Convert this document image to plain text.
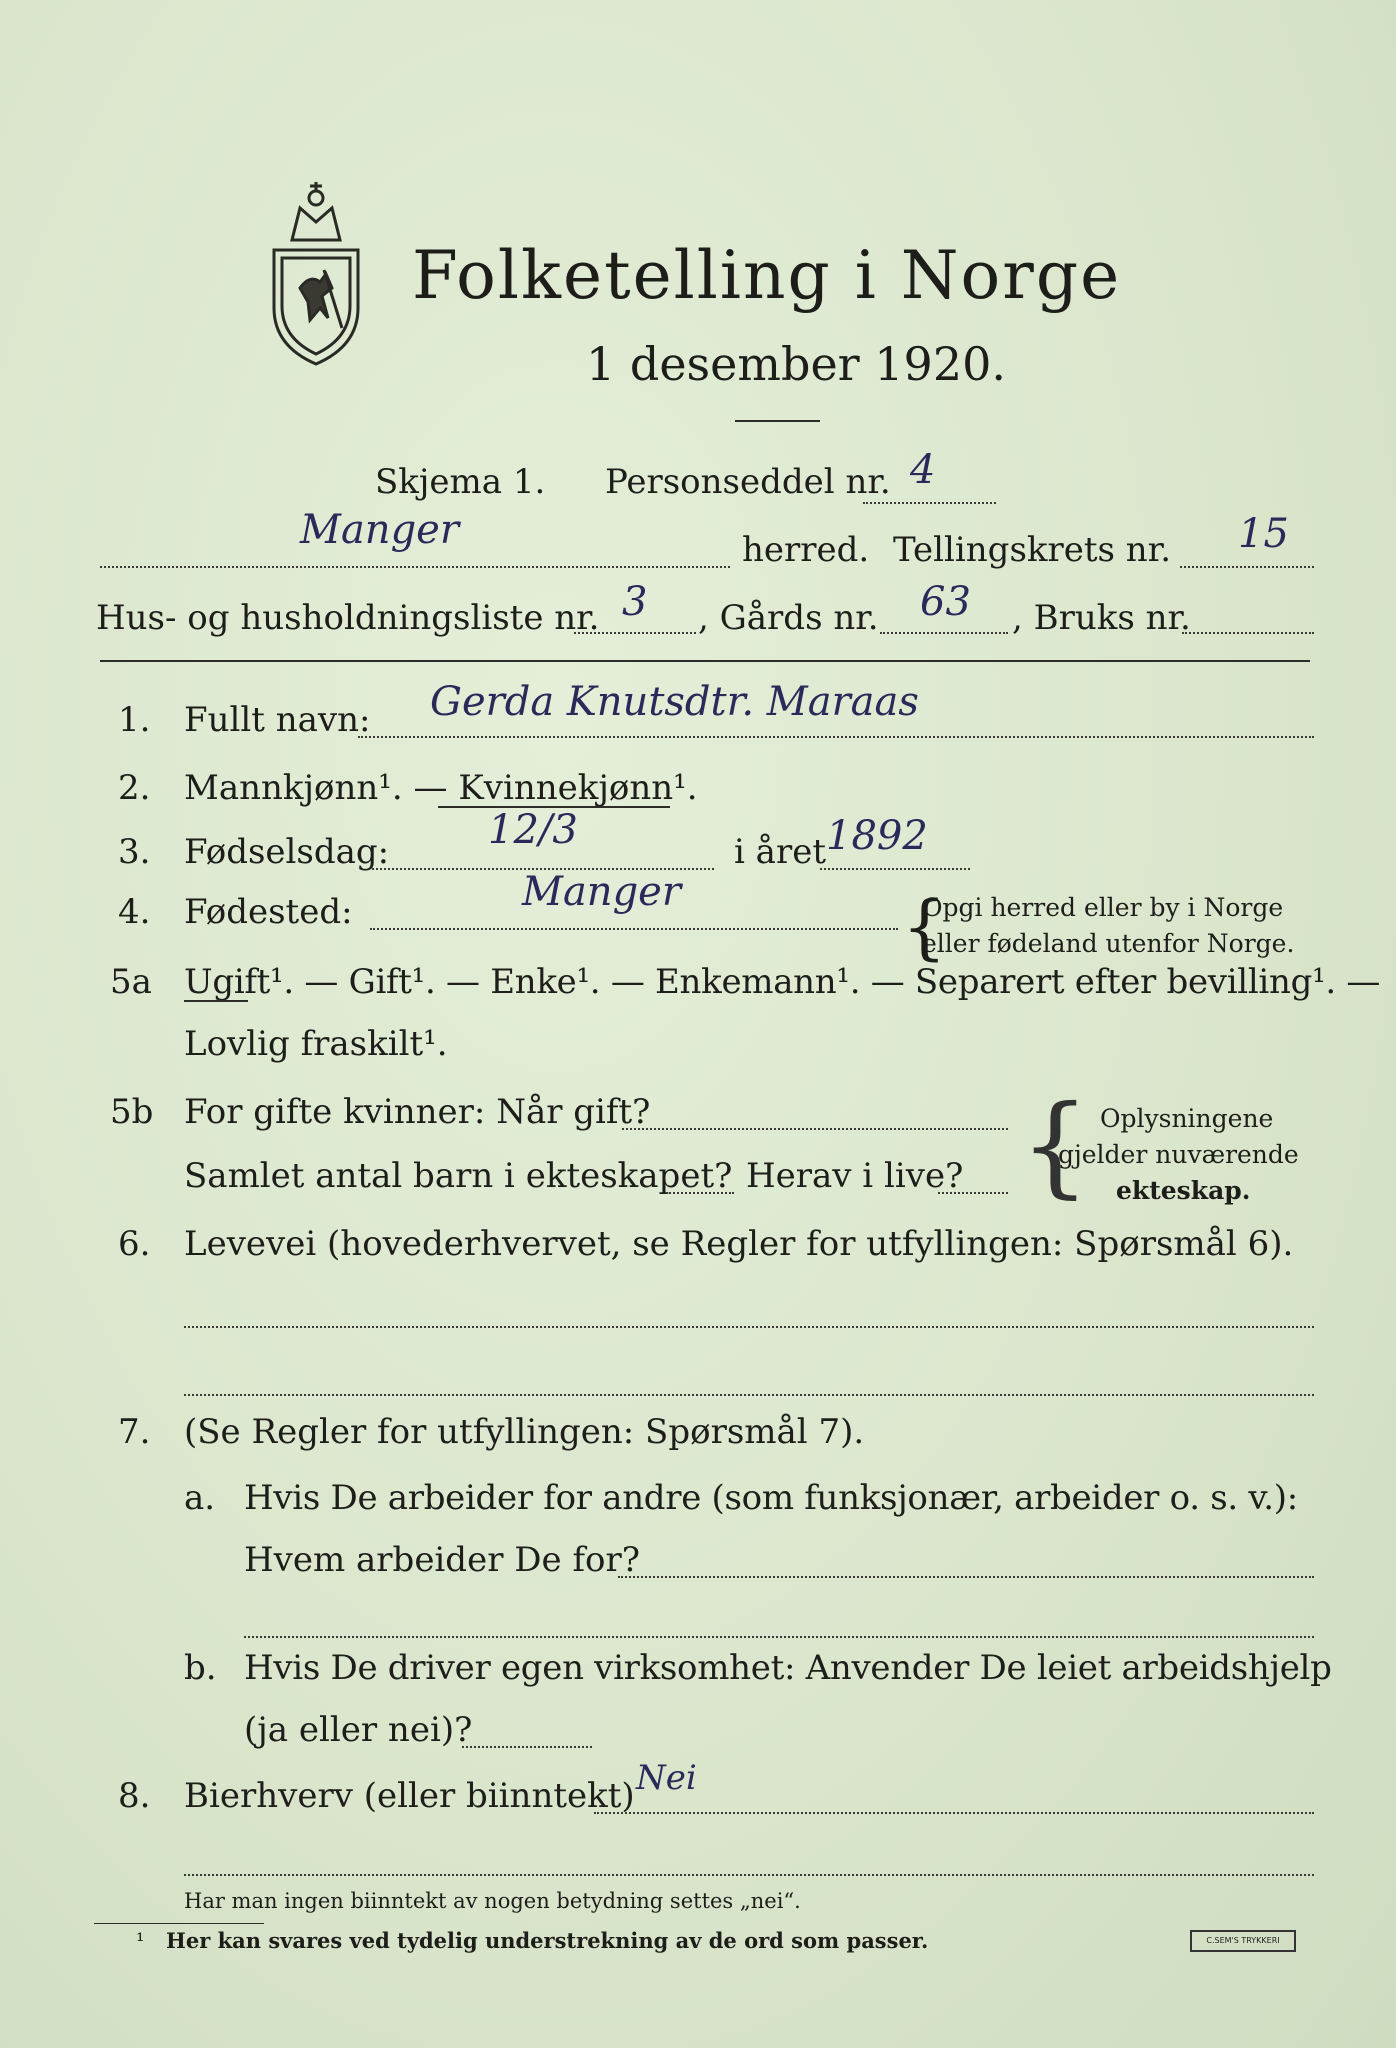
Folketelling i Norge
1 desember 1920.
Skjema 1. Personseddel nr. 4
Manger	herred. Tellingskrets nr. 15
Hus- og husholdningsliste nr. 3 , Gårds nr. 63 , Bruks nr.
1. Fullt navn: Gerda Knutsdtr. Maraas
2. Mannkjønn¹. — Kvinnekjønn¹.
3. Fødselsdag: 12/3	i året 1892
4. Fødested:	Manger	Opgi herred eller by i Norge
eller fødeland utenfor Norge.
{
5a Ugift¹. — Gift¹. — Enke¹. — Enkemann¹. — Separert efter bevilling¹. —
Lovlig fraskilt¹.
5b For gifte kvinner: Når gift?
Samlet antal barn i ekteskapet? Herav i live? { Oplysningene
gjelder nuværende
ekteskap.
6. Levevei (hovederhvervet, se Regler for utfyllingen: Spørsmål 6).
7. (Se Regler for utfyllingen: Spørsmål 7).
a. Hvis De arbeider for andre (som funksjonær, arbeider o. s. v.):
Hvem arbeider De for?
b. Hvis De driver egen virksomhet: Anvender De leiet arbeidshjelp
(ja eller nei)?
8. Bierhverv (eller biinntekt) Nei
Har man ingen biinntekt av nogen betydning settes „nei“.
¹ Her kan svares ved tydelig understrekning av de ord som passer.	C.SEM'S TRYKKERI
